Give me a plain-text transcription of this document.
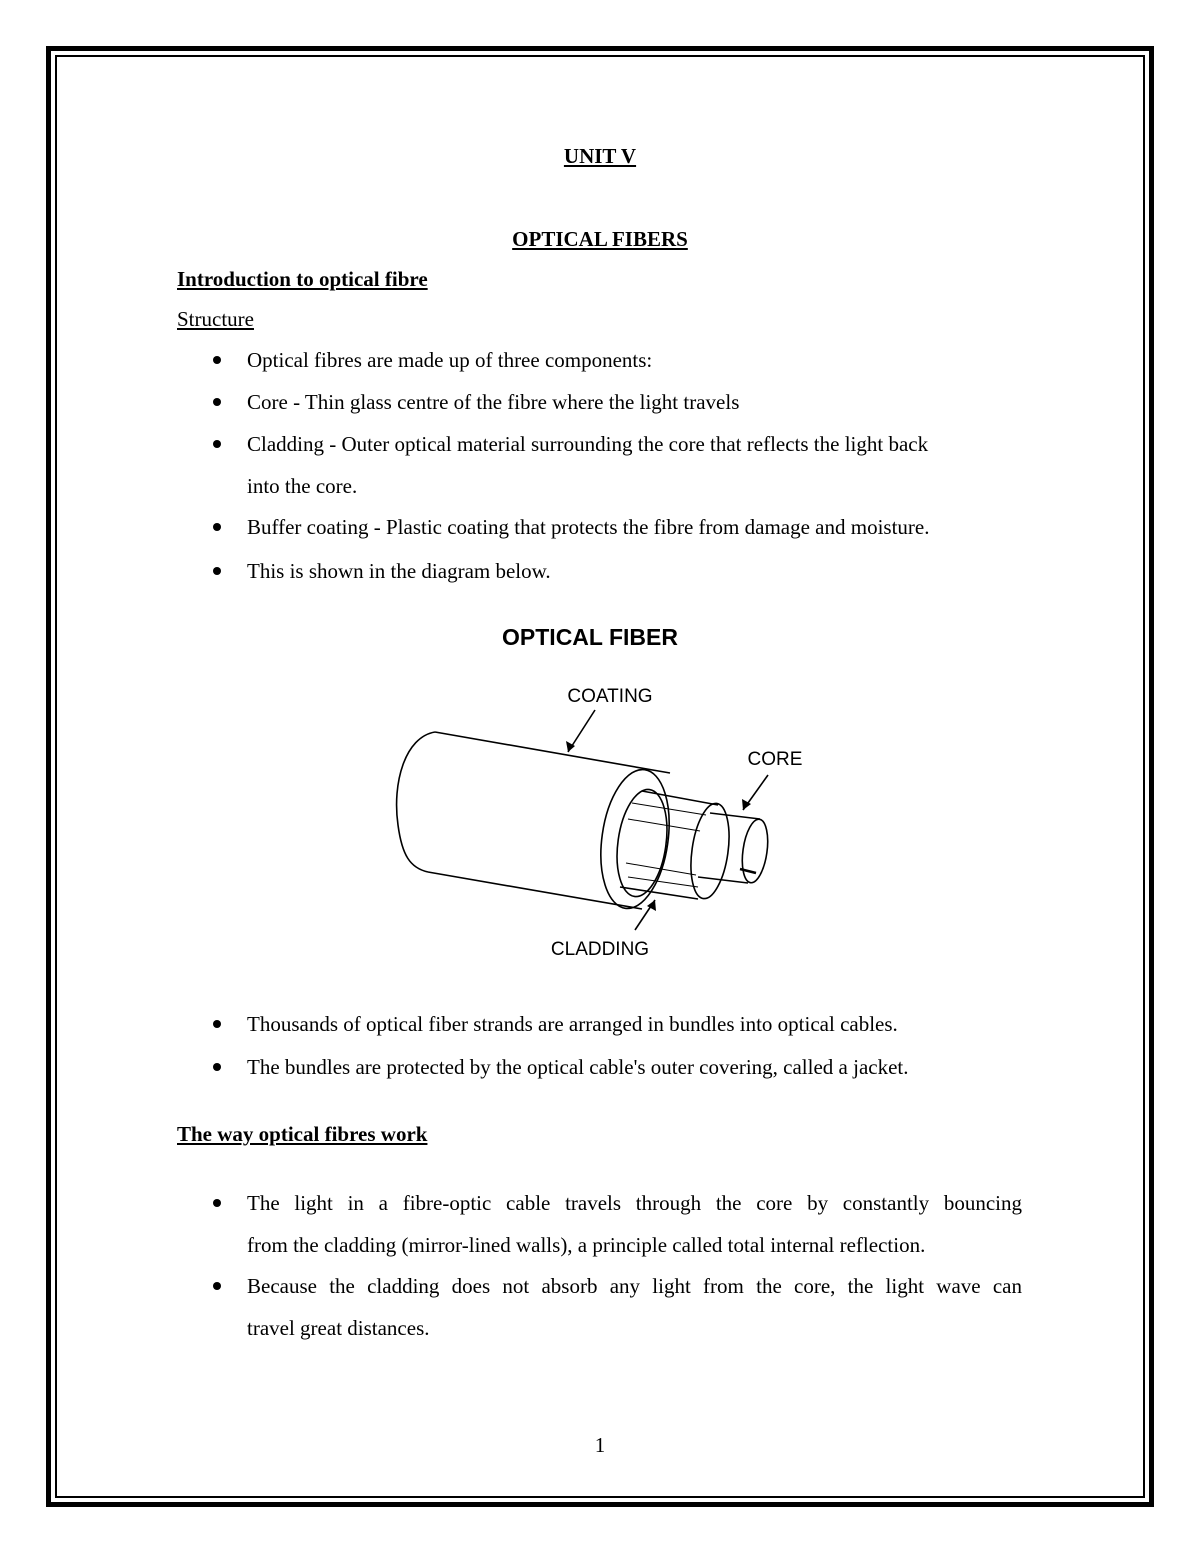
UNIT V
OPTICAL FIBERS
Introduction to optical fibre
Structure
Optical fibres are made up of three components:
Core - Thin glass centre of the fibre where the light travels
Cladding - Outer optical material surrounding the core that reflects the light back
into the core.
Buffer coating - Plastic coating that protects the fibre from damage and moisture.
This is shown in the diagram below.
OPTICAL FIBER
COATING
CORE
CLADDING
Thousands of optical fiber strands are arranged in bundles into optical cables.
The bundles are protected by the optical cable's outer covering, called a jacket.
The way optical fibres work
The light in a fibre-optic cable travels through the core by constantly bouncing
from the cladding (mirror-lined walls), a principle called total internal reflection.
Because the cladding does not absorb any light from the core, the light wave can
travel great distances.
1
